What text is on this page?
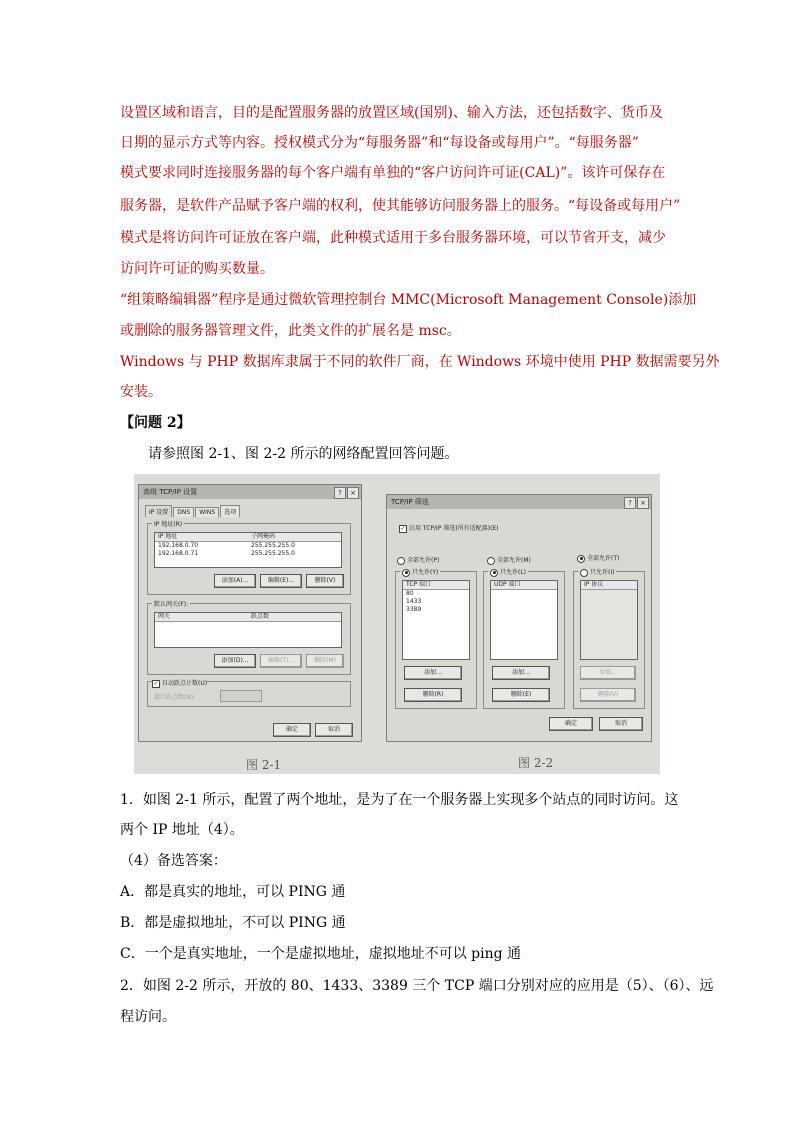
设置区域和语言，目的是配置服务器的放置区域(国别)、输入方法，还包括数字、货币及
日期的显示方式等内容。授权模式分为“每服务器”和“每设备或每用户”。“每服务器”
模式要求同时连接服务器的每个客户端有单独的“客户访问许可证(CAL)”。该许可保存在
服务器，是软件产品赋予客户端的权利，使其能够访问服务器上的服务。“每设备或每用户”
模式是将访问许可证放在客户端，此种模式适用于多台服务器环境，可以节省开支，减少
访问许可证的购买数量。
“组策略编辑器”程序是通过微软管理控制台 MMC(Microsoft Management Console)添加
或删除的服务器管理文件，此类文件的扩展名是 msc。
Windows 与 PHP 数据库隶属于不同的软件厂商，在 Windows 环境中使用 PHP 数据需要另外
安装。
【问题 2】
请参照图 2-1、图 2-2 所示的网络配置回答问题。
高级 TCP/IP 设置	? ×
IP 设置 DNS WINS 选项
IP 地址(R)
IP 地址	子网掩码
192.168.0.70	255.255.255.0
192.168.0.71	255.255.255.0
添加(A)...	编辑(E)...	删除(V)
默认网关(F):
网关	跃点数
添加(D)...	编辑(T)...	删除(M)
✓ 自动跃点计数(U)
接口跃点数(N):
确定	取消
TCP/IP 筛选	? ×
✓ 启用 TCP/IP 筛选(所有适配器)(E)
全部允许(P)
只允许(Y)
TCP 端口
80
1433
3389
添加...
删除(R)
全部允许(M)
只允许(L)
UDP 端口
添加...
删除(E)
全部允许(T)
只允许(I)
IP 协议
添加...
删除(V)
确定	取消
图 2-1	图 2-2
1．如图 2-1 所示，配置了两个地址，是为了在一个服务器上实现多个站点的同时访问。这
两个 IP 地址（4）。
（4）备选答案：
A．都是真实的地址，可以 PING 通
B．都是虚拟地址，不可以 PING 通
C．一个是真实地址，一个是虚拟地址，虚拟地址不可以 ping 通
2．如图 2-2 所示，开放的 80、1433、3389 三个 TCP 端口分别对应的应用是（5）、（6）、远
程访问。
